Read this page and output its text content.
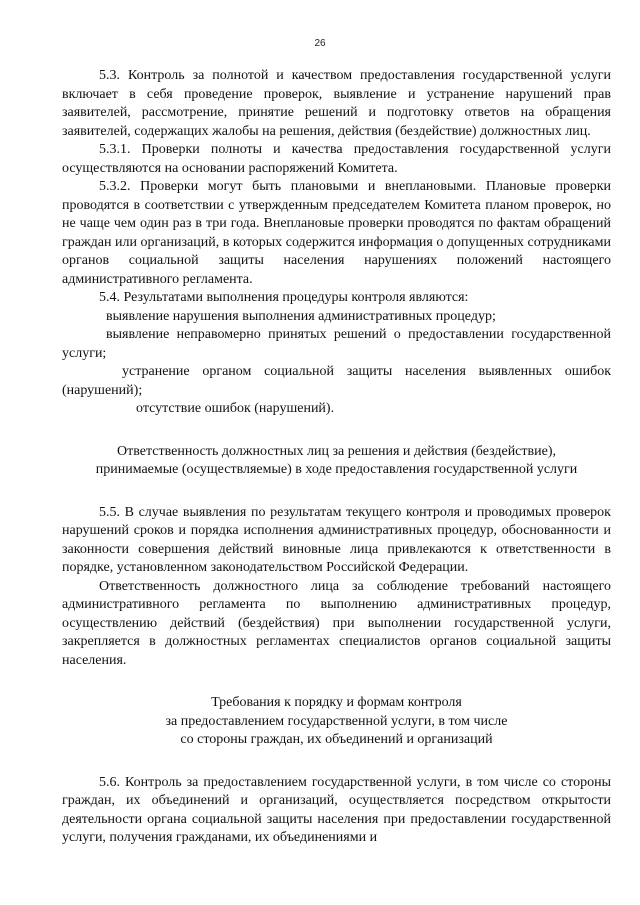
26

5.3. Контроль за полнотой и качеством предоставления государственной услуги включает в себя проведение проверок, выявление и устранение нарушений прав заявителей, рассмотрение, принятие решений и подготовку ответов на обращения заявителей, содержащих жалобы на решения, действия (бездействие) должностных лиц.

5.3.1. Проверки полноты и качества предоставления государственной услуги осуществляются на основании распоряжений Комитета.

5.3.2. Проверки могут быть плановыми и внеплановыми. Плановые проверки проводятся в соответствии с утвержденным председателем Комитета планом проверок, но не чаще чем один раз в три года. Внеплановые проверки проводятся по фактам обращений граждан или организаций, в которых содержится информация о допущенных сотрудниками органов социальной защиты населения нарушениях положений настоящего административного регламента.

5.4. Результатами выполнения процедуры контроля являются:

выявление нарушения выполнения административных процедур;

выявление неправомерно принятых решений о предоставлении государственной услуги;

устранение органом социальной защиты населения выявленных ошибок (нарушений);

отсутствие ошибок (нарушений).

Ответственность должностных лиц за решения и действия (бездействие), принимаемые (осуществляемые) в ходе предоставления государственной услуги

5.5. В случае выявления по результатам текущего контроля и проводимых проверок нарушений сроков и порядка исполнения административных процедур, обоснованности и законности совершения действий виновные лица привлекаются к ответственности в порядке, установленном законодательством Российской Федерации.

Ответственность должностного лица за соблюдение требований настоящего административного регламента по выполнению административных процедур, осуществлению действий (бездействия) при выполнении государственной услуги, закрепляется в должностных регламентах специалистов органов социальной защиты населения.

Требования к порядку и формам контроля

за предоставлением государственной услуги, в том числе

со стороны граждан, их объединений и организаций

5.6. Контроль за предоставлением государственной услуги, в том числе со стороны граждан, их объединений и организаций, осуществляется посредством открытости деятельности органа социальной защиты населения при предоставлении государственной услуги, получения гражданами, их объединениями и
